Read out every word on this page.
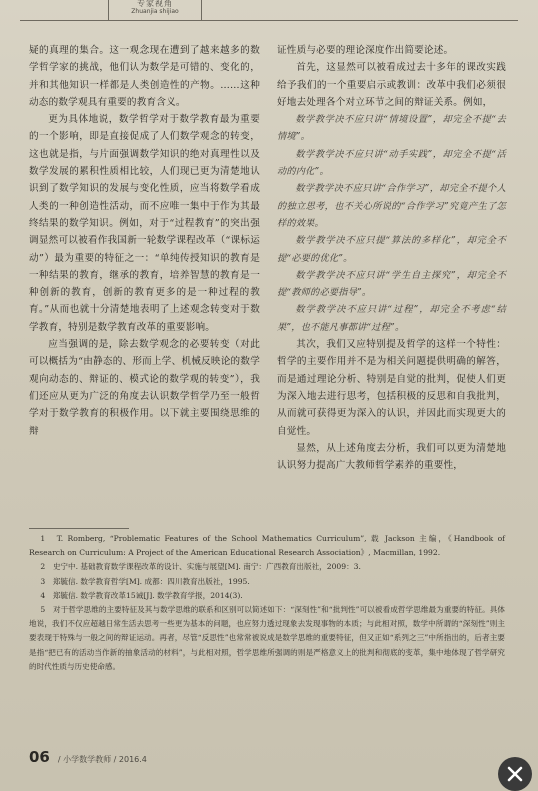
专家视角
Zhuanjia shijiao

疑的真理的集合。这一观念现在遭到了越来越多的数学哲学家的挑战，他们认为数学是可错的、变化的，并和其他知识一样都是人类创造性的产物。……这种动态的数学观具有重要的教育含义。

更为具体地说，数学哲学对于数学教育最为重要的一个影响，即是直接促成了人们数学观念的转变，这也就是指，与片面强调数学知识的绝对真理性以及数学发展的累积性质相比较，人们现已更为清楚地认识到了数学知识的发展与变化性质，应当将数学看成人类的一种创造性活动，而不应唯一集中于作为其最终结果的数学知识。例如，对于“过程教育”的突出强调显然可以被看作我国新一轮数学课程改革（“课标运动”）最为重要的特征之一：“单纯传授知识的教育是一种结果的教育，继承的教育，培养智慧的教育是一种创新的教育，创新的教育更多的是一种过程的教育。”从而也就十分清楚地表明了上述观念转变对于数学教育，特别是数学教育改革的重要影响。

应当强调的是，除去数学观念的必要转变（对此可以概括为“由静态的、形而上学、机械反映论的数学观向动态的、辩证的、模式论的数学观的转变”），我们还应从更为广泛的角度去认识数学哲学乃至一般哲学对于数学教育的积极作用。以下就主要围绕思维的辩

证性质与必要的理论深度作出简要论述。

首先，这显然可以被看成过去十多年的课改实践给予我们的一个重要启示或教训：改革中我们必须很好地去处理各个对立环节之间的辩证关系。例如，

数学教学决不应只讲“情境设置”，却完全不提“去情境”。

数学教学决不应只讲“动手实践”，却完全不提“活动的内化”。

数学教学决不应只讲“合作学习”，却完全不提个人的独立思考，也不关心所说的“合作学习”究竟产生了怎样的效果。

数学教学决不应只提“算法的多样化”，却完全不提“必要的优化”。

数学教学决不应只讲“学生自主探究”，却完全不提“教师的必要指导”。

数学教学决不应只讲“过程”，却完全不考虑“结果”，也不能凡事都讲“过程”。

其次，我们又应特别提及哲学的这样一个特性：哲学的主要作用并不是为相关问题提供明确的解答，而是通过理论分析、特别是自觉的批判，促使人们更为深入地去进行思考，包括积极的反思和自我批判，从而就可获得更为深入的认识，并因此而实现更大的自觉性。

显然，从上述角度去分析，我们可以更为清楚地认识努力提高广大教师哲学素养的重要性，

1　T. Romberg, “Problematic Features of the School Mathematics Curriculum”, 载 Jackson 主编，《Handbook of Research on Curriculum: A Project of the American Educational Research Association》, Macmillan, 1992.

2　史宁中. 基础教育数学课程改革的设计、实施与展望[M]. 南宁：广西教育出版社，2009：3.

3　郑毓信. 数学教育哲学[M]. 成都：四川教育出版社，1995.

4　郑毓信. 数学教育改革15诫[J]. 数学教育学报，2014(3).

5　对于哲学思维的主要特征及其与数学思维的联系和区别可以简述如下：“深刻性”和“批判性”可以被看成哲学思维最为重要的特征。具体地说，我们不仅应超越日常生活去思考一些更为基本的问题，也应努力透过现象去发现事物的本质；与此相对照，数学中所谓的“深刻性”则主要表现于特殊与一般之间的辩证运动。再者，尽管“反思性”也常常被说成是数学思维的重要特征，但又正如“系列之三”中所指出的，后者主要是指“把已有的活动当作新的抽象活动的材料”，与此相对照，哲学思维所强调的则是严格意义上的批判和彻底的变革，集中地体现了哲学研究的时代性质与历史使命感。

06 / 小学数学教师 / 2016.4
